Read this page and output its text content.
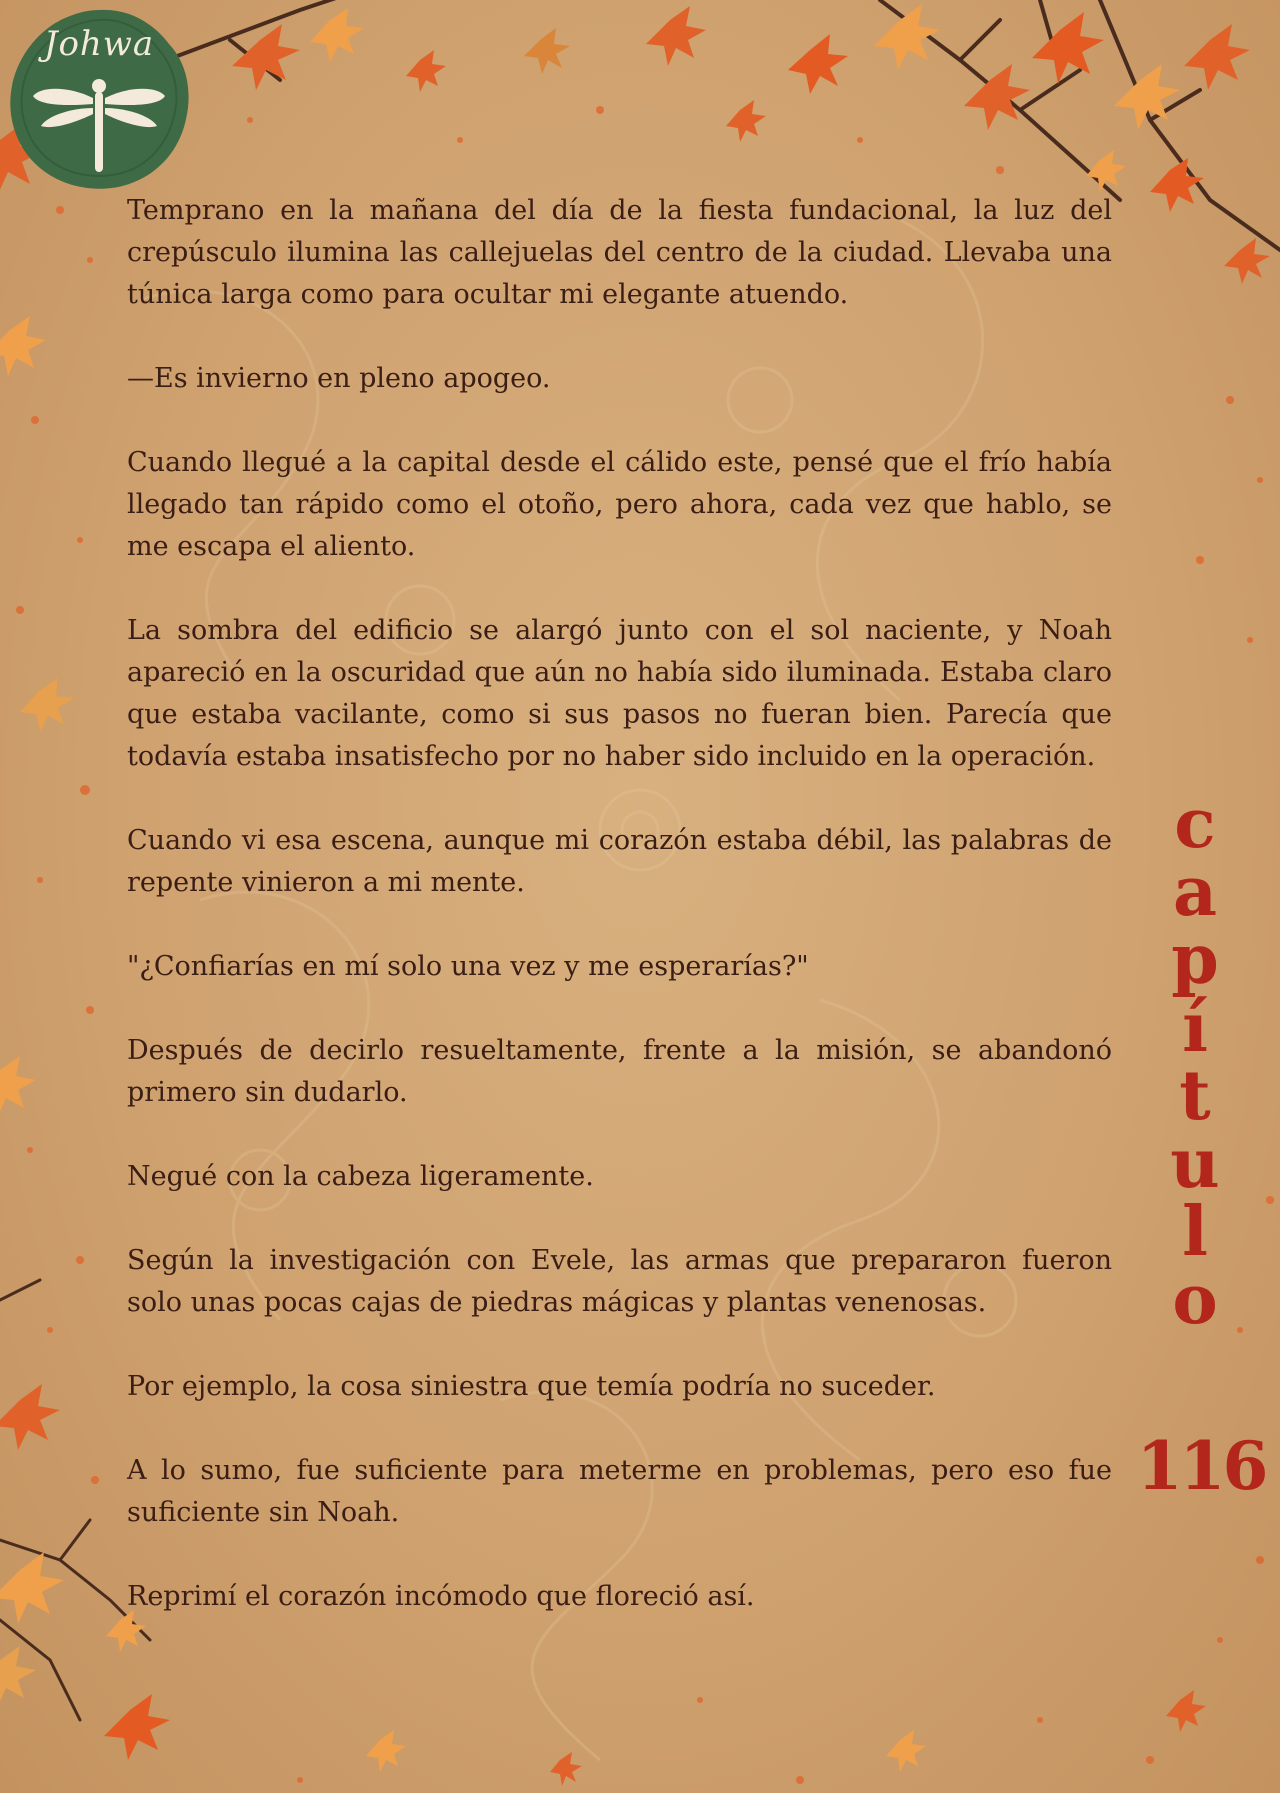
Johwa

Temprano en la mañana del día de la fiesta fundacional, la luz del crepúsculo ilumina las callejuelas del centro de la ciudad. Llevaba una túnica larga como para ocultar mi elegante atuendo.

—Es invierno en pleno apogeo.

Cuando llegué a la capital desde el cálido este, pensé que el frío había llegado tan rápido como el otoño, pero ahora, cada vez que hablo, se me escapa el aliento.

La sombra del edificio se alargó junto con el sol naciente, y Noah apareció en la oscuridad que aún no había sido iluminada. Estaba claro que estaba vacilante, como si sus pasos no fueran bien. Parecía que todavía estaba insatisfecho por no haber sido incluido en la operación.

Cuando vi esa escena, aunque mi corazón estaba débil, las palabras de repente vinieron a mi mente.

"¿Confiarías en mí solo una vez y me esperarías?"

Después de decirlo resueltamente, frente a la misión, se abandonó primero sin dudarlo.

Negué con la cabeza ligeramente.

Según la investigación con Evele, las armas que prepararon fueron solo unas pocas cajas de piedras mágicas y plantas venenosas.

Por ejemplo, la cosa siniestra que temía podría no suceder.

A lo sumo, fue suficiente para meterme en problemas, pero eso fue suficiente sin Noah.

Reprimí el corazón incómodo que floreció así.

c
a
p
í
t
u
l
o
116
